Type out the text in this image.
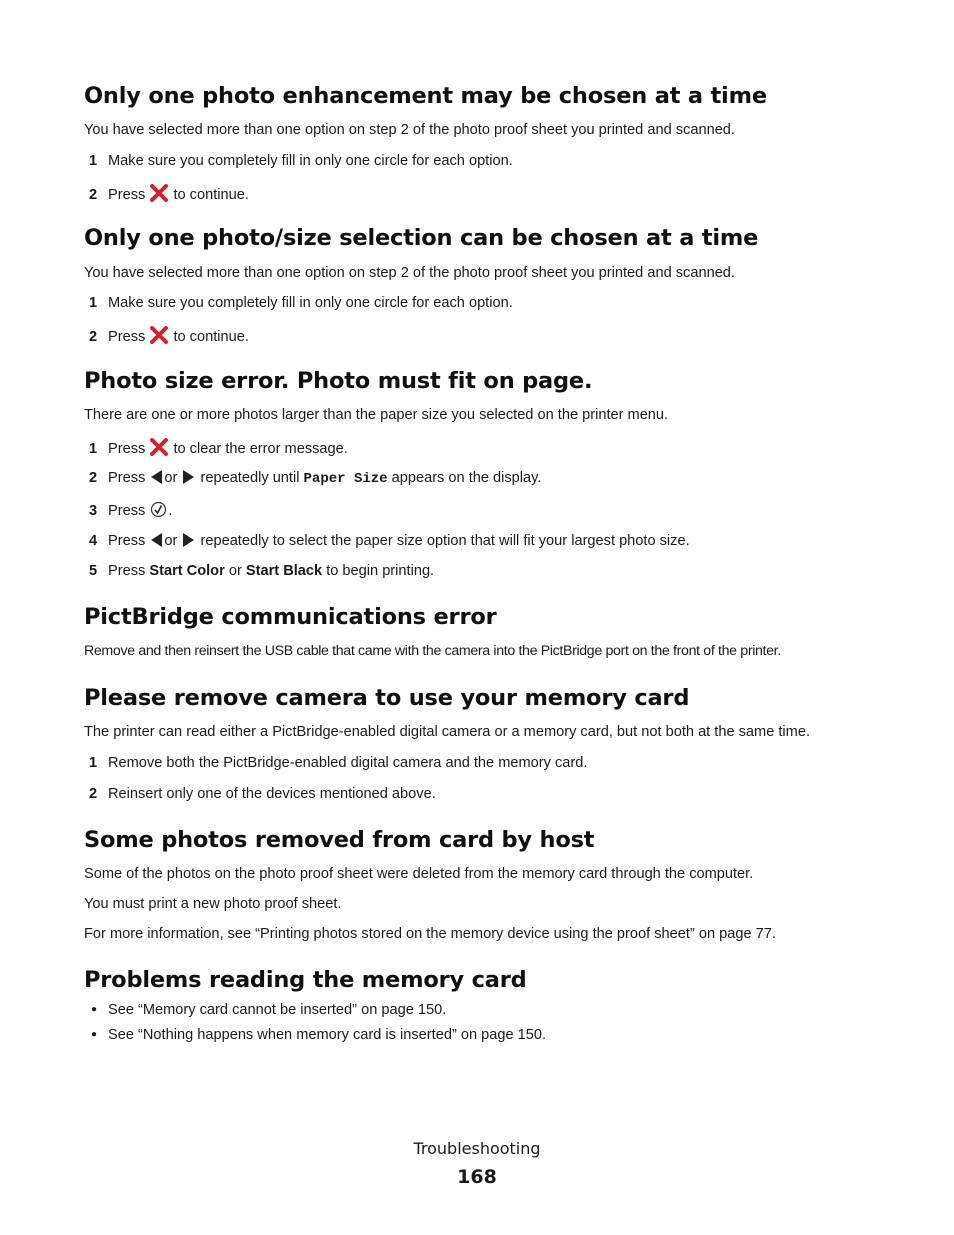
Only one photo enhancement may be chosen at a time

You have selected more than one option on step 2 of the photo proof sheet you printed and scanned.

1 Make sure you completely fill in only one circle for each option.
2 Press to continue.
Only one photo/size selection can be chosen at a time

You have selected more than one option on step 2 of the photo proof sheet you printed and scanned.

1 Make sure you completely fill in only one circle for each option.
2 Press to continue.
Photo size error. Photo must fit on page.

There are one or more photos larger than the paper size you selected on the printer menu.

1 Press to clear the error message.
2 Press or repeatedly until Paper Size appears on the display.
3 Press .
4 Press or repeatedly to select the paper size option that will fit your largest photo size.
5 Press Start Color or Start Black to begin printing.
PictBridge communications error

Remove and then reinsert the USB cable that came with the camera into the PictBridge port on the front of the printer.

Please remove camera to use your memory card

The printer can read either a PictBridge-enabled digital camera or a memory card, but not both at the same time.

1 Remove both the PictBridge-enabled digital camera and the memory card.
2 Reinsert only one of the devices mentioned above.
Some photos removed from card by host

Some of the photos on the photo proof sheet were deleted from the memory card through the computer.

You must print a new photo proof sheet.

For more information, see “Printing photos stored on the memory device using the proof sheet” on page 77.

Problems reading the memory card
● See “Memory card cannot be inserted” on page 150.
● See “Nothing happens when memory card is inserted” on page 150.
Troubleshooting
168
